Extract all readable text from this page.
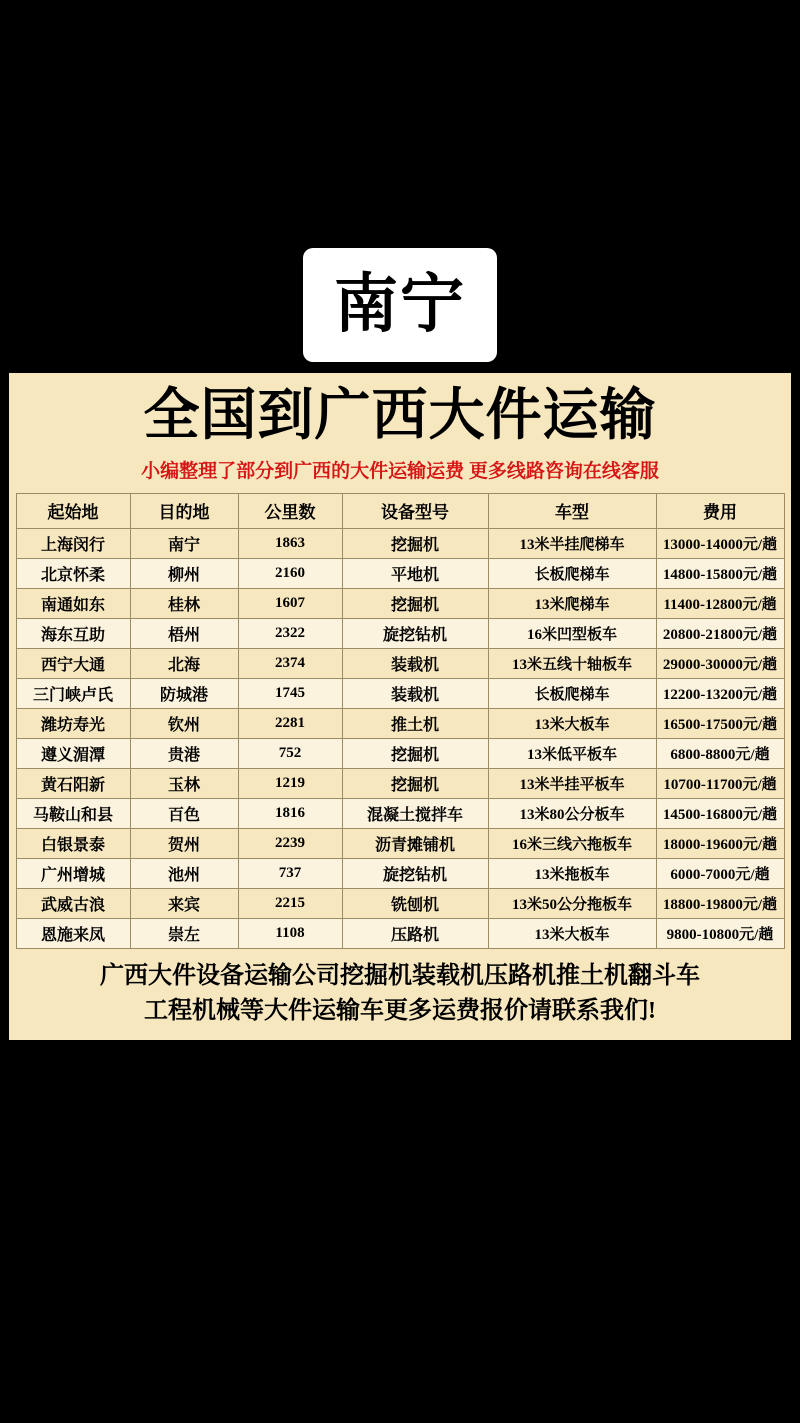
南宁
全国到广西大件运输
小编整理了部分到广西的大件运输运费 更多线路咨询在线客服
起始地	目的地	公里数	设备型号	车型	费用
上海闵行	南宁	1863	挖掘机	13米半挂爬梯车	13000-14000元/趟
北京怀柔	柳州	2160	平地机	长板爬梯车	14800-15800元/趟
南通如东	桂林	1607	挖掘机	13米爬梯车	11400-12800元/趟
海东互助	梧州	2322	旋挖钻机	16米凹型板车	20800-21800元/趟
西宁大通	北海	2374	装载机	13米五线十轴板车	29000-30000元/趟
三门峡卢氏	防城港	1745	装载机	长板爬梯车	12200-13200元/趟
潍坊寿光	钦州	2281	推土机	13米大板车	16500-17500元/趟
遵义湄潭	贵港	752	挖掘机	13米低平板车	6800-8800元/趟
黄石阳新	玉林	1219	挖掘机	13米半挂平板车	10700-11700元/趟
马鞍山和县	百色	1816	混凝土搅拌车	13米80公分板车	14500-16800元/趟
白银景泰	贺州	2239	沥青摊铺机	16米三线六拖板车	18000-19600元/趟
广州增城	池州	737	旋挖钻机	13米拖板车	6000-7000元/趟
武威古浪	来宾	2215	铣刨机	13米50公分拖板车	18800-19800元/趟
恩施来凤	崇左	1108	压路机	13米大板车	9800-10800元/趟
广西大件设备运输公司挖掘机装载机压路机推土机翻斗车
工程机械等大件运输车更多运费报价请联系我们!
